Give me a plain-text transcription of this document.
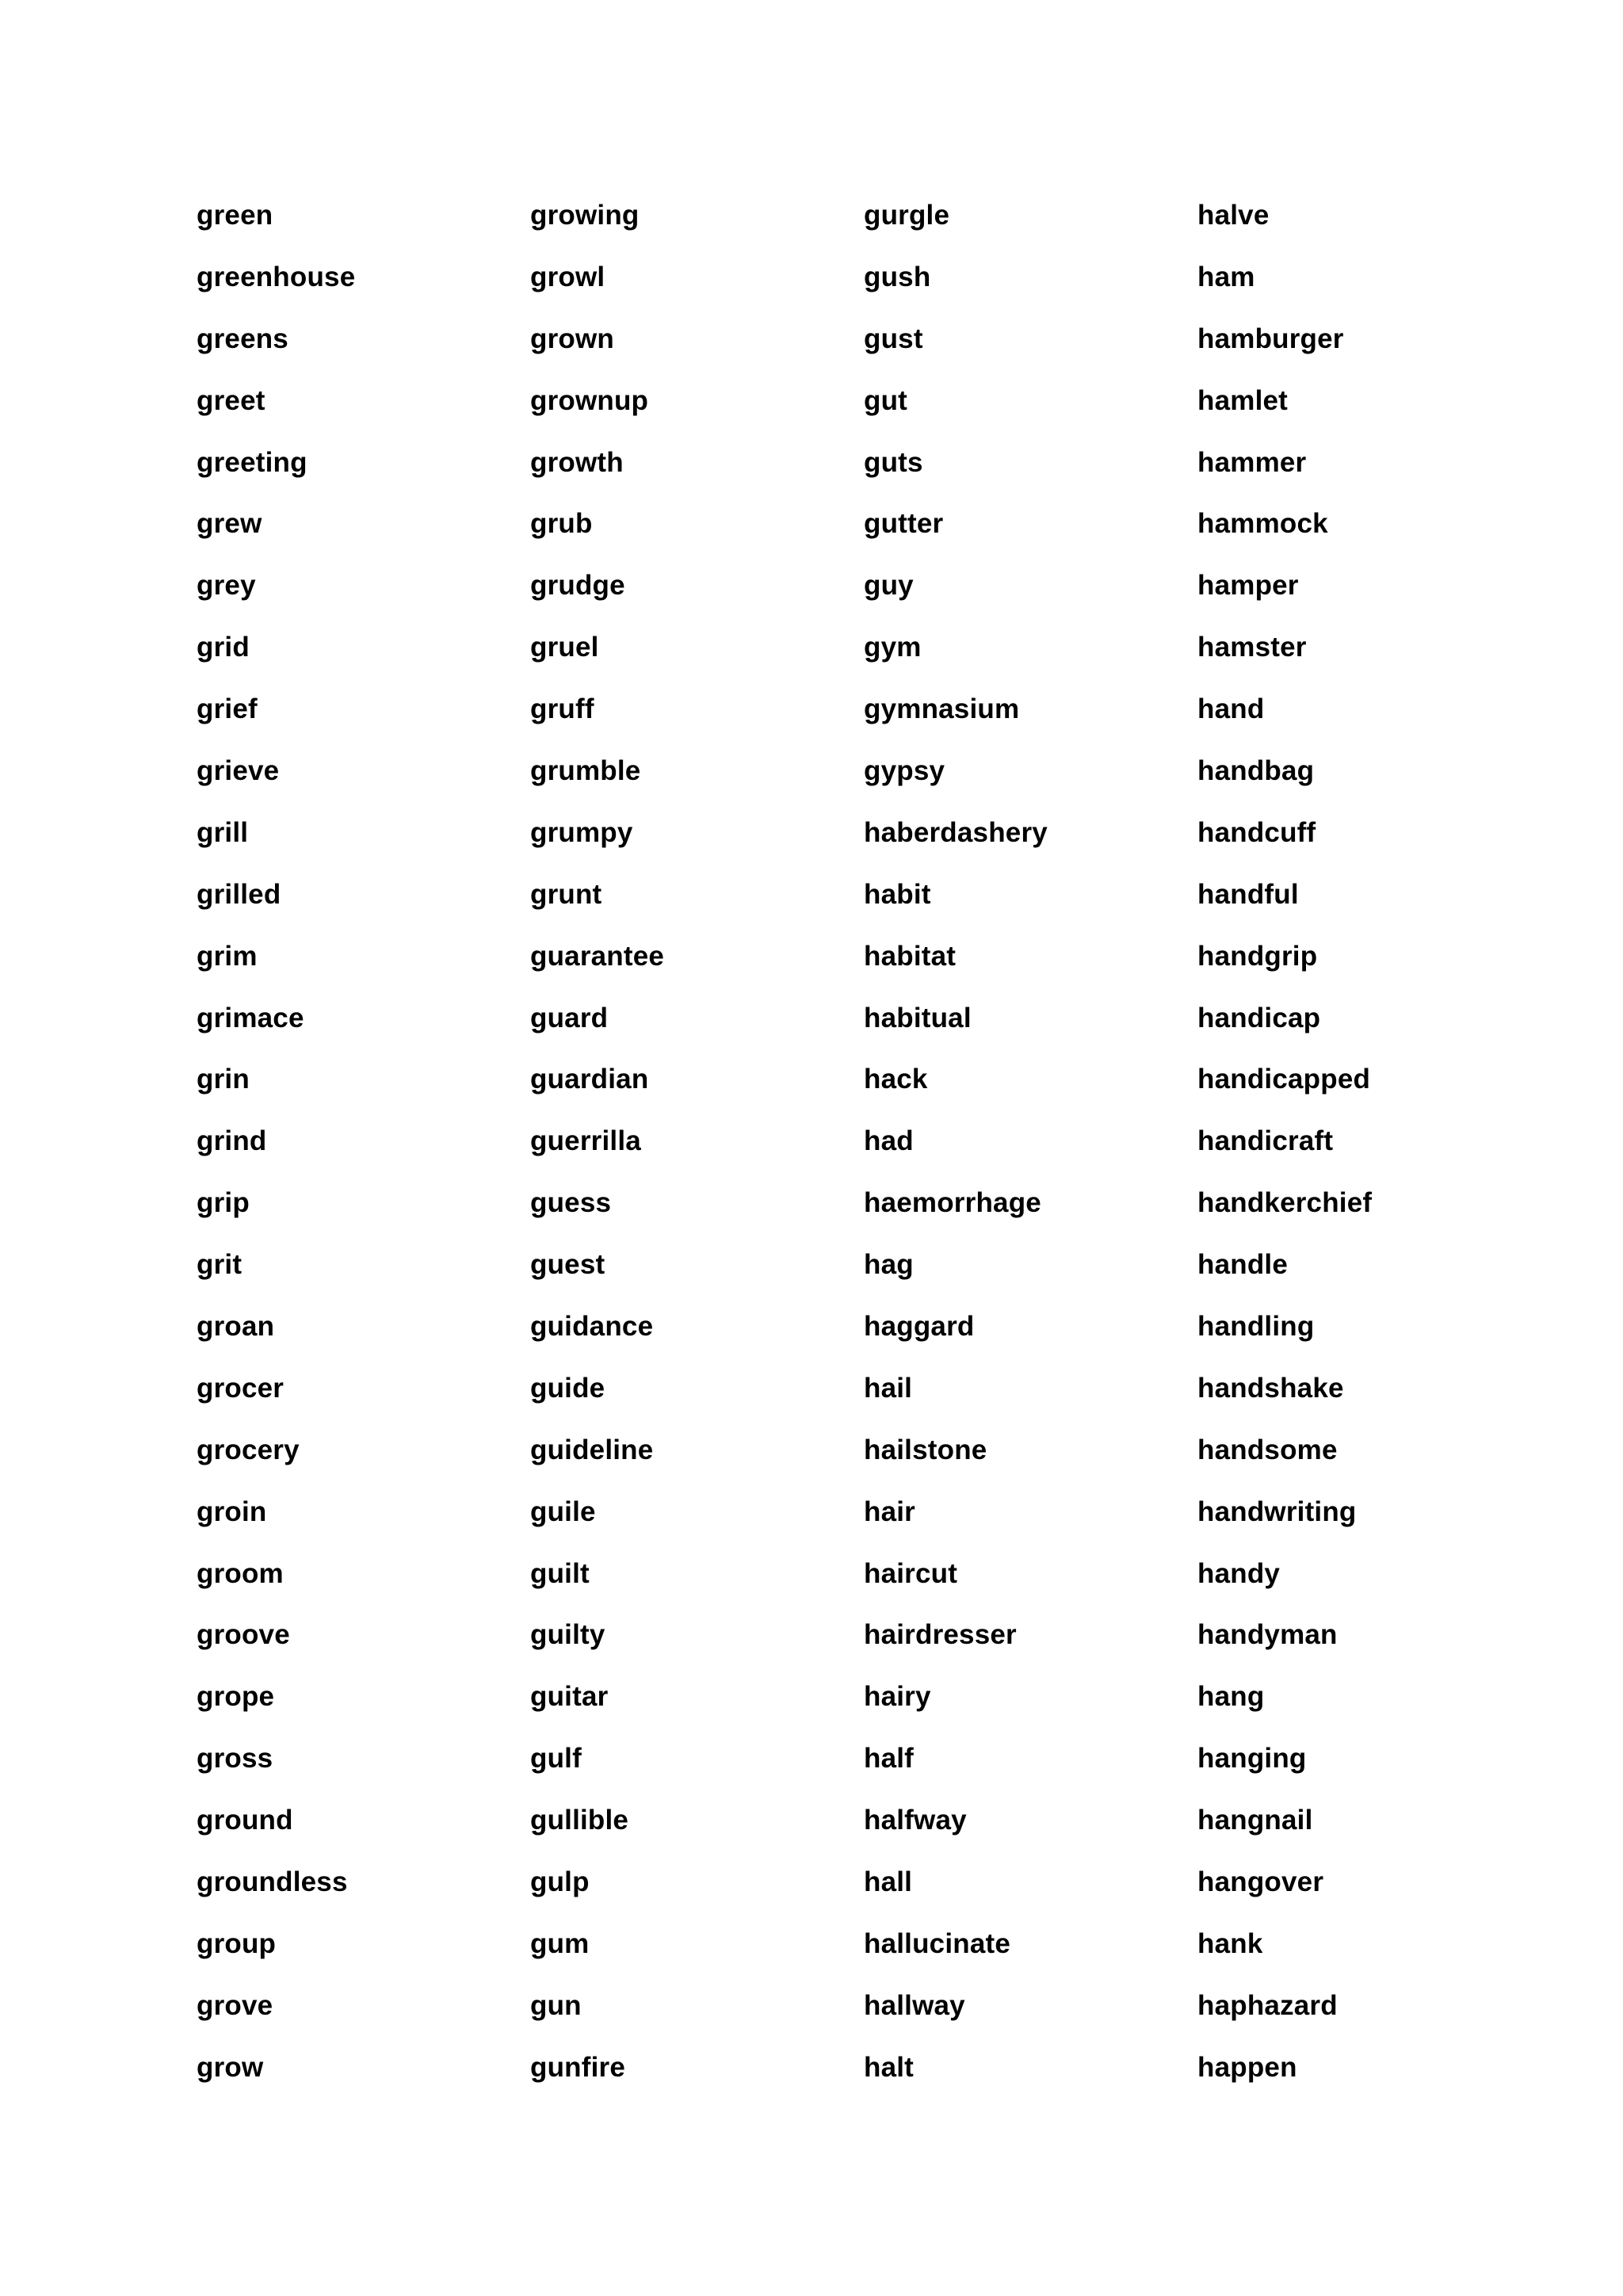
green
greenhouse
greens
greet
greeting
grew
grey
grid
grief
grieve
grill
grilled
grim
grimace
grin
grind
grip
grit
groan
grocer
grocery
groin
groom
groove
grope
gross
ground
groundless
group
grove
grow
growing
growl
grown
grownup
growth
grub
grudge
gruel
gruff
grumble
grumpy
grunt
guarantee
guard
guardian
guerrilla
guess
guest
guidance
guide
guideline
guile
guilt
guilty
guitar
gulf
gullible
gulp
gum
gun
gunfire
gurgle
gush
gust
gut
guts
gutter
guy
gym
gymnasium
gypsy
haberdashery
habit
habitat
habitual
hack
had
haemorrhage
hag
haggard
hail
hailstone
hair
haircut
hairdresser
hairy
half
halfway
hall
hallucinate
hallway
halt
halve
ham
hamburger
hamlet
hammer
hammock
hamper
hamster
hand
handbag
handcuff
handful
handgrip
handicap
handicapped
handicraft
handkerchief
handle
handling
handshake
handsome
handwriting
handy
handyman
hang
hanging
hangnail
hangover
hank
haphazard
happen
